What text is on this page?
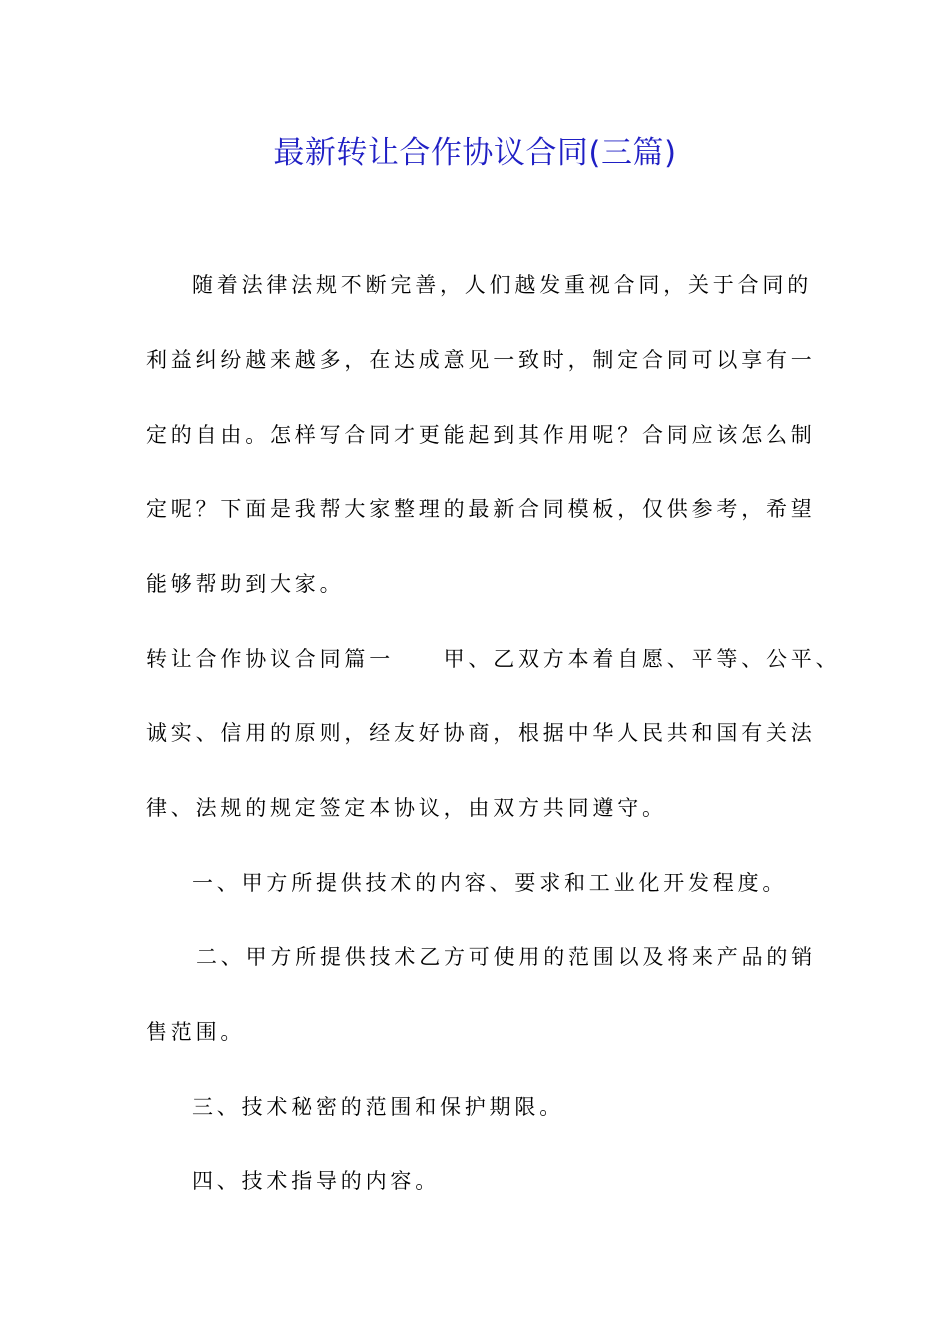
最新转让合作协议合同(三篇)
随着法律法规不断完善，人们越发重视合同，关于合同的
利益纠纷越来越多，在达成意见一致时，制定合同可以享有一
定的自由。怎样写合同才更能起到其作用呢？合同应该怎么制
定呢？下面是我帮大家整理的最新合同模板，仅供参考，希望
能够帮助到大家。
转让合作协议合同篇一　　甲、乙双方本着自愿、平等、公平、
诚实、信用的原则，经友好协商，根据中华人民共和国有关法
律、法规的规定签定本协议，由双方共同遵守。
一、甲方所提供技术的内容、要求和工业化开发程度。
二、甲方所提供技术乙方可使用的范围以及将来产品的销
售范围。
三、技术秘密的范围和保护期限。
四、技术指导的内容。
